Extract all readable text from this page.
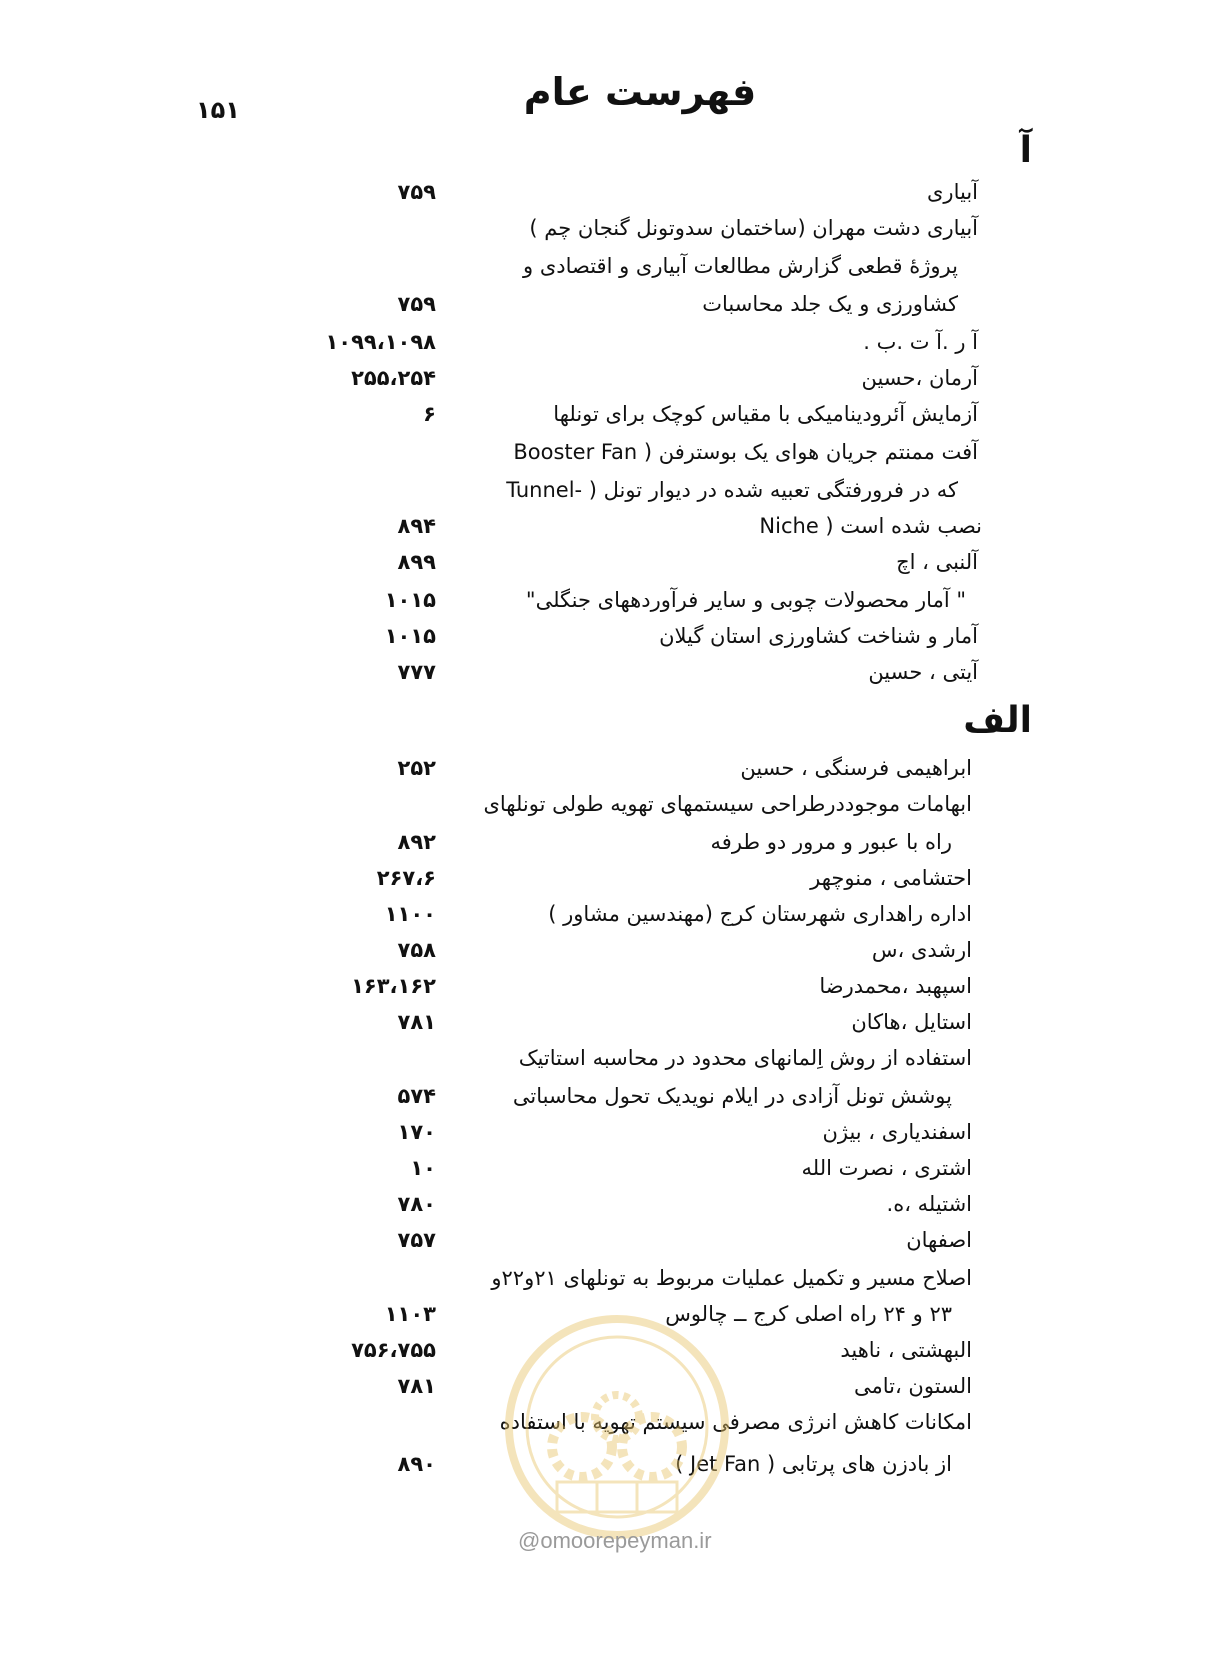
۱۵۱	فهرست عام
آ
الف
آبیاری
۷۵۹
آبیاری دشت مهران (ساختمان سدوتونل گنجان چم )
پروژهٔ قطعی گزارش مطالعات آبیاری و اقتصادی و
کشاورزی و یک جلد محاسبات
۷۵۹
آ ر .آ ت .ب .
۱۰۹۹،۱۰۹۸
آرمان ،حسین
۲۵۵،۲۵۴
آزمایش آئرودینامیکی با مقیاس کوچک برای تونلها
۶
آفت ممنتم جریان هوای یک بوسترفن ( Booster Fan
که در فرورفتگی تعبیه شده در دیوار تونل ( -Tunnel
Niche ) نصب شده است
۸۹۴
آلنبی ، اچ
۸۹۹
" آمار محصولات چوبی و سایر فرآوردههای جنگلی"
۱۰۱۵
آمار و شناخت کشاورزی استان گیلان
۱۰۱۵
آیتی ، حسین
۷۷۷
ابراهیمی فرسنگی ، حسین
۲۵۲
ابهامات موجوددرطراحی سیستمهای تهویه طولی تونلهای
راه با عبور و مرور دو طرفه
۸۹۲
احتشامی ، منوچهر
۲۶۷،۶
اداره راهداری شهرستان کرج (مهندسین مشاور )
۱۱۰۰
ارشدی ،س
۷۵۸
اسپهبد ،محمدرضا
۱۶۳،۱۶۲
استایل ،هاکان
۷۸۱
استفاده از روش اِلمانهای محدود در محاسبه استاتیک
پوشش تونل آزادی در ایلام نویدیک تحول محاسباتی
۵۷۴
اسفندیاری ، بیژن
۱۷۰
اشتری ، نصرت الله
۱۰
اشتیله ،ه.
۷۸۰
اصفهان
۷۵۷
اصلاح مسیر و تکمیل عملیات مربوط به تونلهای ۲۱و۲۲و
۲۳ و ۲۴ راه اصلی کرج ــ چالوس
۱۱۰۳
البهشتی ، ناهید
۷۵۶،۷۵۵
الستون ،تامی
۷۸۱
امکانات کاهش انرژی مصرفی سیستم تهویه با استفاده
از بادزن های پرتابی ( Jet Fan )
۸۹۰
@omoorepeyman.ir
